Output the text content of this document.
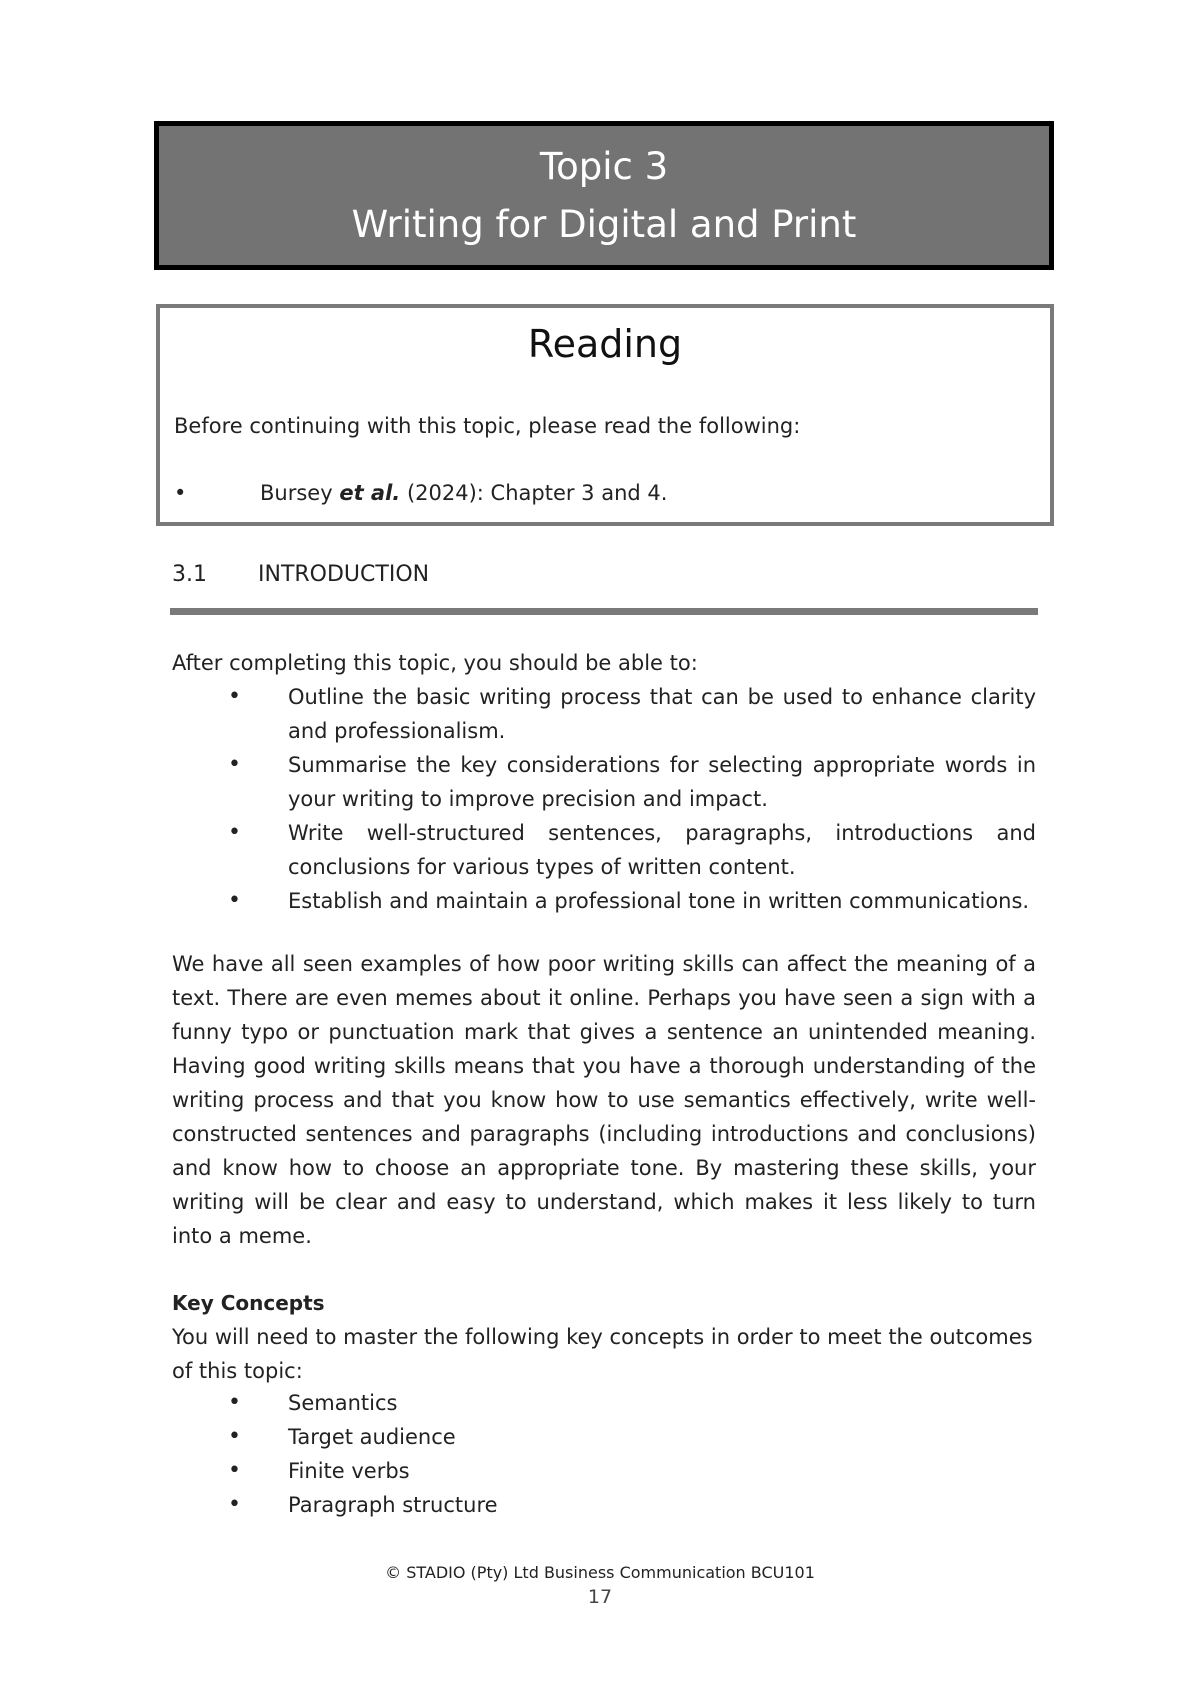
Topic 3
Writing for Digital and Print
Reading
Before continuing with this topic, please read the following:
•	Bursey et al. (2024): Chapter 3 and 4.
3.1 INTRODUCTION
After completing this topic, you should be able to:
• Outline the basic writing process that can be used to enhance clarity and professionalism.
• Summarise the key considerations for selecting appropriate words in your writing to improve precision and impact.
• Write well-structured sentences, paragraphs, introductions and conclusions for various types of written content.
• Establish and maintain a professional tone in written communications.
We have all seen examples of how poor writing skills can affect the meaning of a text. There are even memes about it online. Perhaps you have seen a sign with a funny typo or punctuation mark that gives a sentence an unintended meaning. Having good writing skills means that you have a thorough understanding of the writing process and that you know how to use semantics effectively, write well-constructed sentences and paragraphs (including introductions and conclusions) and know how to choose an appropriate tone. By mastering these skills, your writing will be clear and easy to understand, which makes it less likely to turn into a meme.
Key Concepts
You will need to master the following key concepts in order to meet the outcomes of this topic:
• Semantics
• Target audience
• Finite verbs
• Paragraph structure
© STADIO (Pty) Ltd Business Communication BCU101
17
